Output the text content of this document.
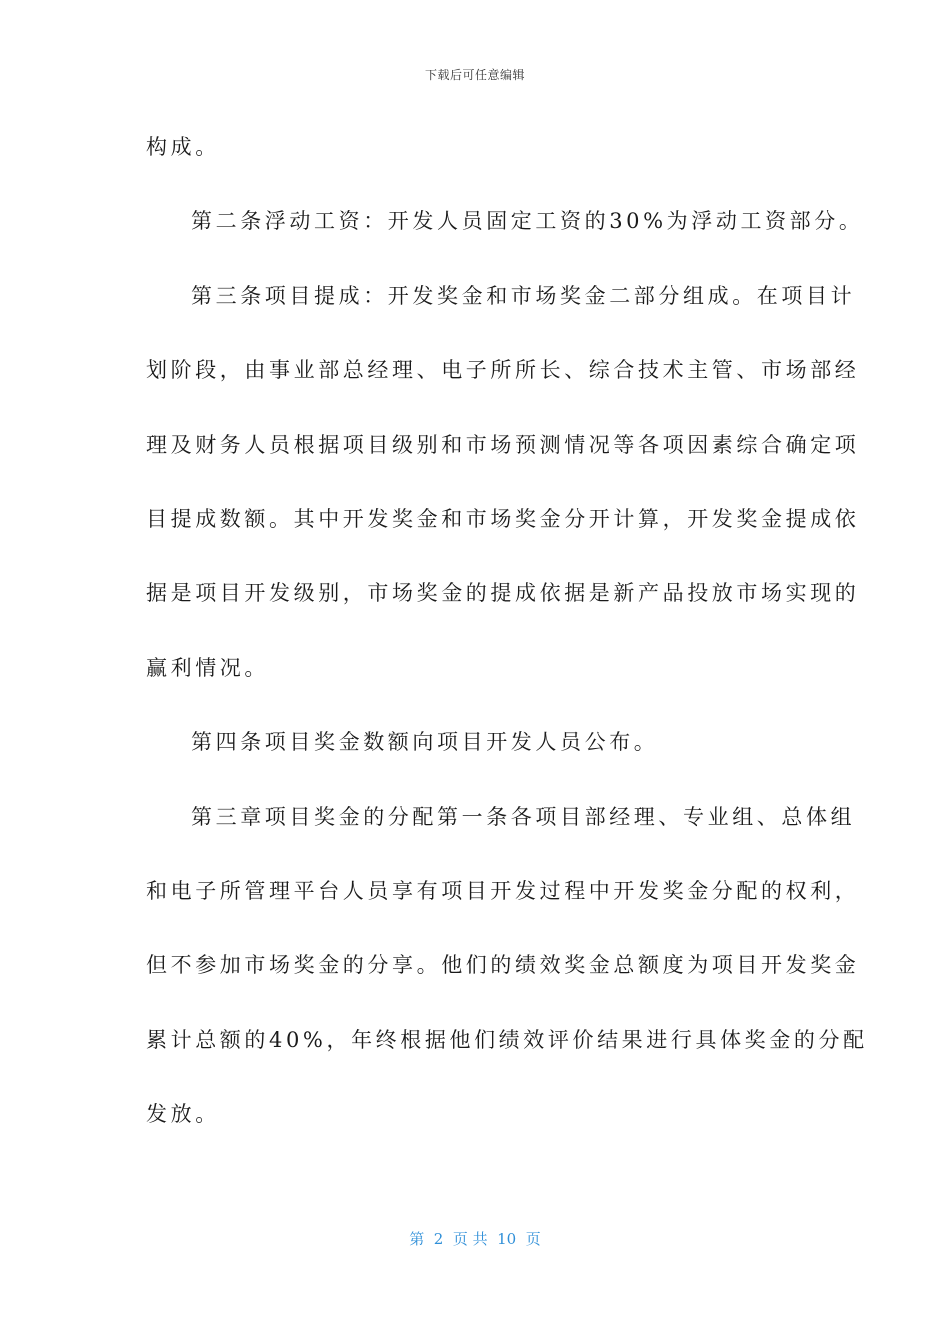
下载后可任意编辑
构成。
第二条浮动工资：开发人员固定工资的30%为浮动工资部分。
第三条项目提成：开发奖金和市场奖金二部分组成。在项目计
划阶段，由事业部总经理、电子所所长、综合技术主管、市场部经
理及财务人员根据项目级别和市场预测情况等各项因素综合确定项
目提成数额。其中开发奖金和市场奖金分开计算，开发奖金提成依
据是项目开发级别，市场奖金的提成依据是新产品投放市场实现的
赢利情况。
第四条项目奖金数额向项目开发人员公布。
第三章项目奖金的分配第一条各项目部经理、专业组、总体组
和电子所管理平台人员享有项目开发过程中开发奖金分配的权利，
但不参加市场奖金的分享。他们的绩效奖金总额度为项目开发奖金
累计总额的40%，年终根据他们绩效评价结果进行具体奖金的分配
发放。
第  2  页 共  10  页
